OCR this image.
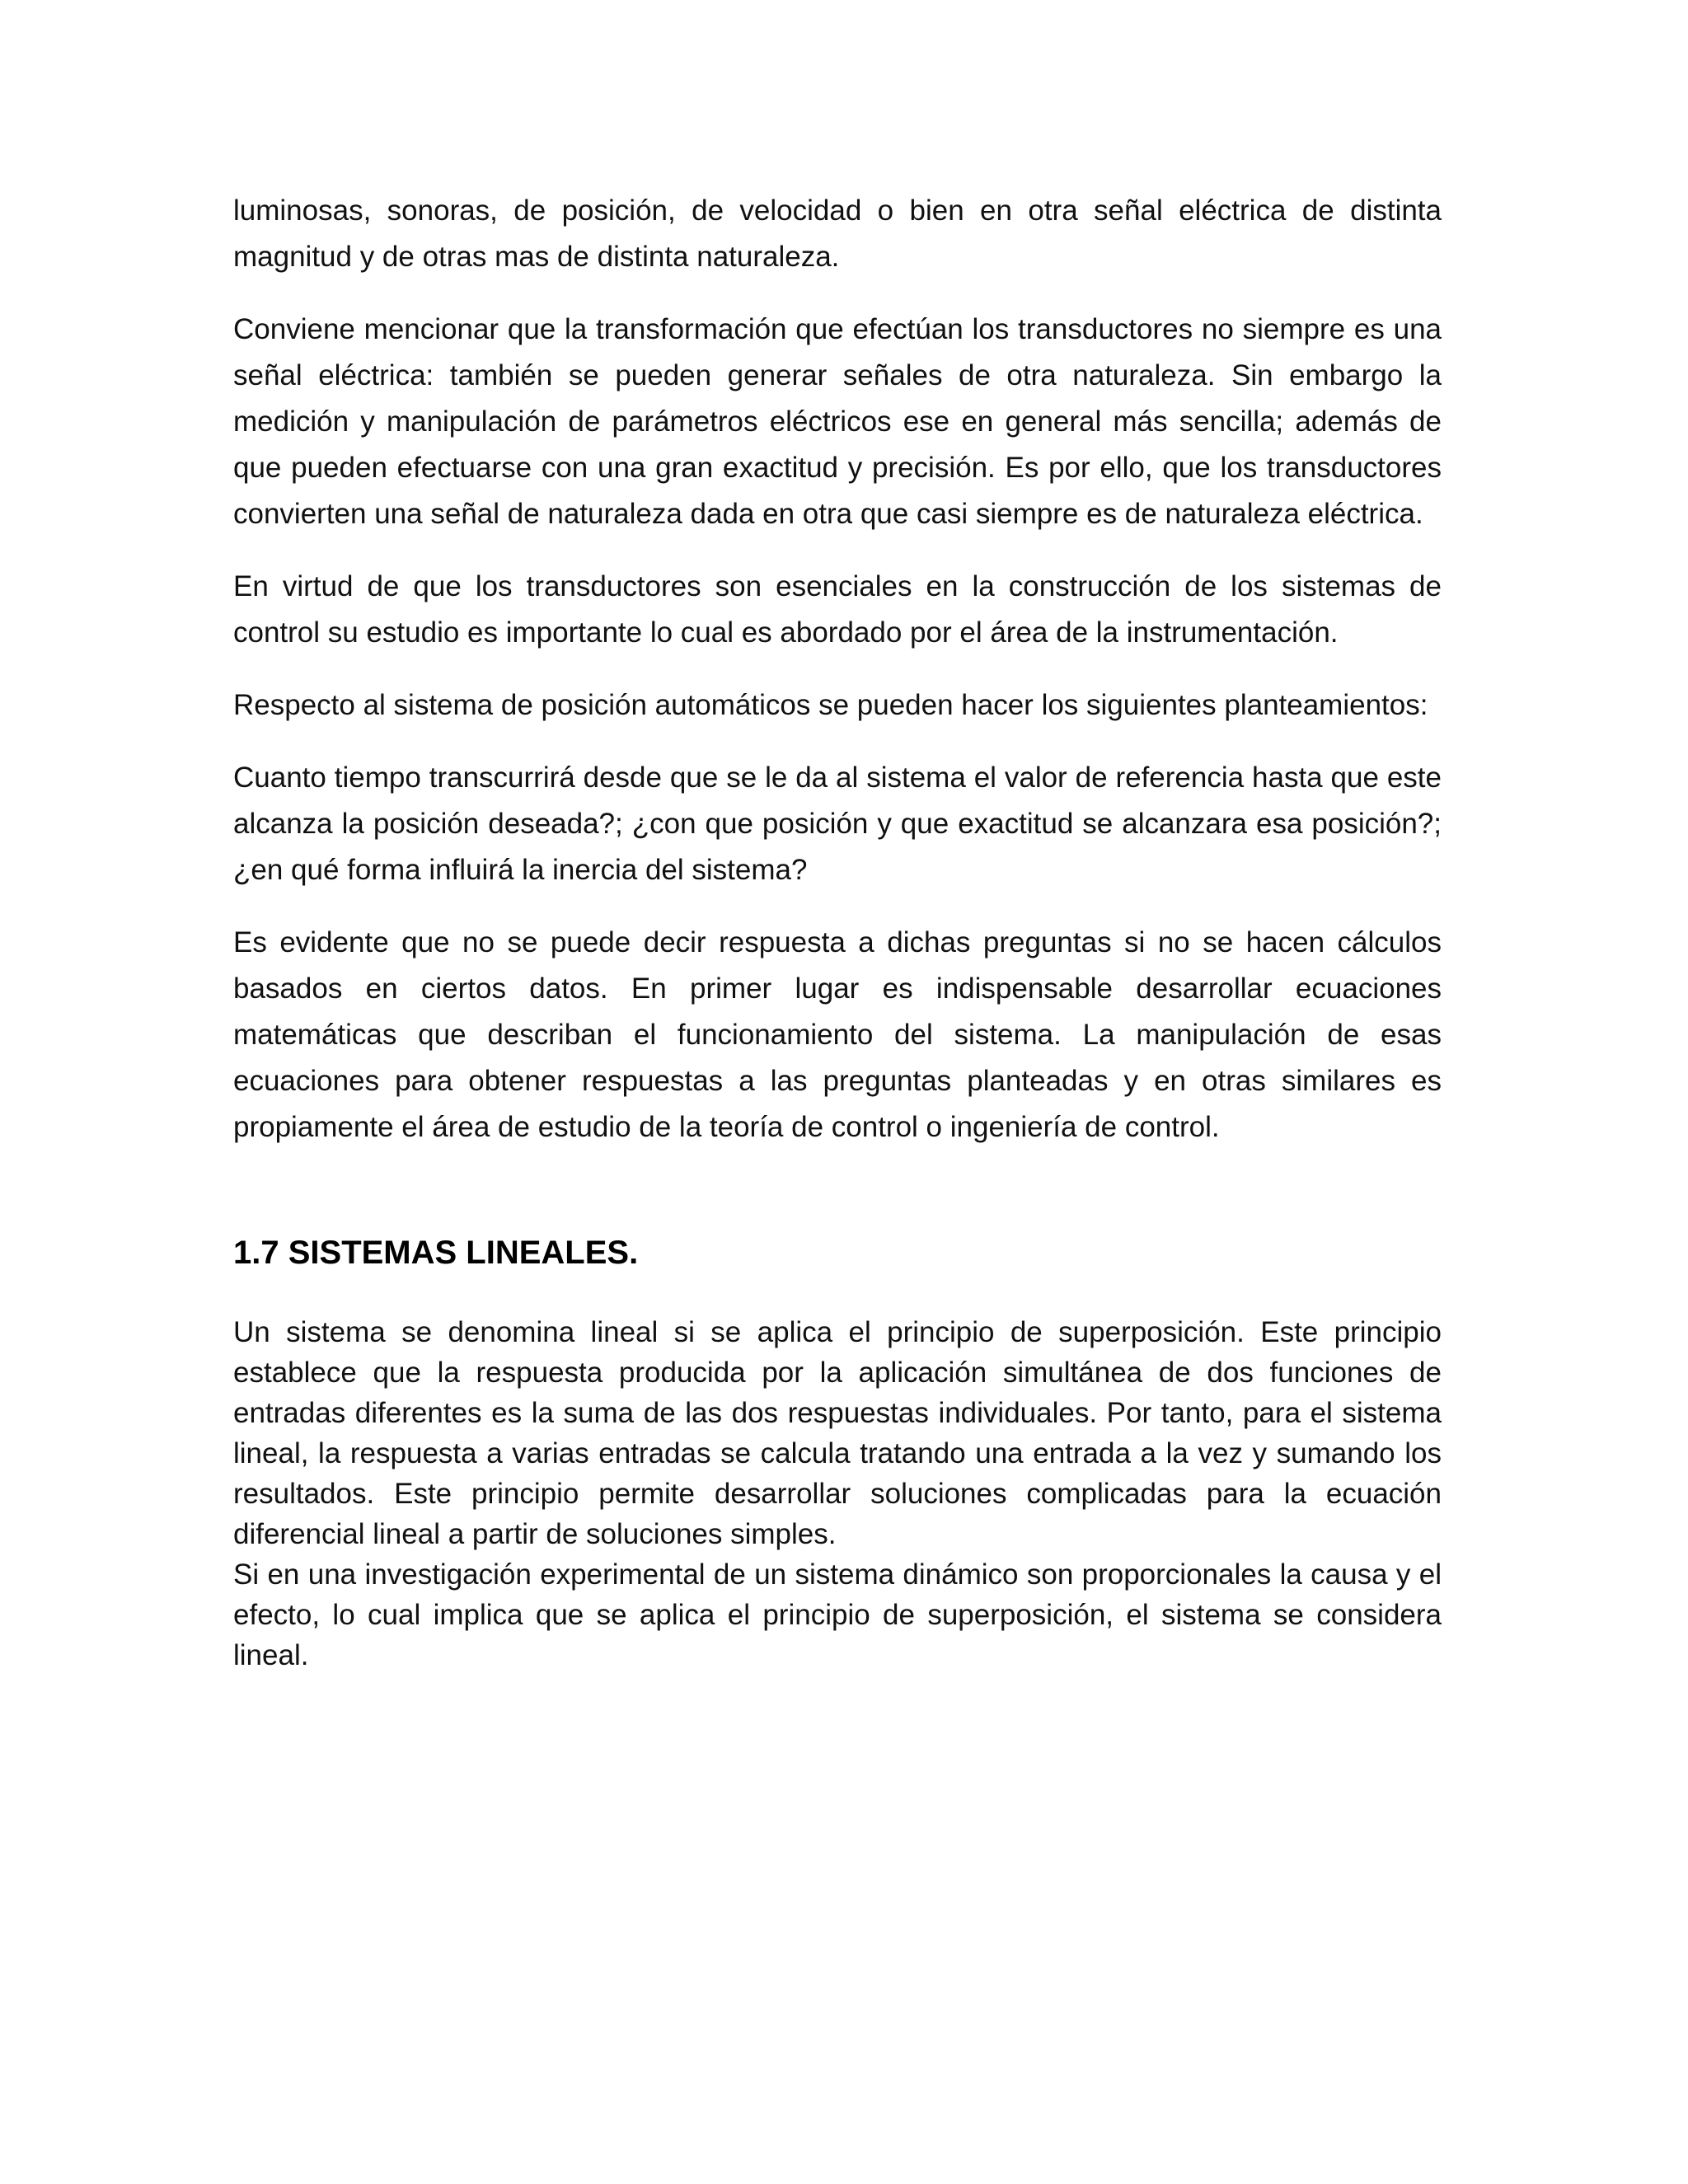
luminosas, sonoras, de posición, de velocidad o bien en otra señal eléctrica de distinta magnitud y de otras mas de distinta naturaleza.

Conviene mencionar que la transformación que efectúan los transductores no siempre es una señal eléctrica: también se pueden generar señales de otra naturaleza. Sin embargo la medición y manipulación de parámetros eléctricos ese en general más sencilla; además de que pueden efectuarse con una gran exactitud y precisión. Es por ello, que los transductores convierten una señal de naturaleza dada en otra que casi siempre es de naturaleza eléctrica.

En virtud de que los transductores son esenciales en la construcción de los sistemas de control su estudio es importante lo cual es abordado por el área de la instrumentación.

Respecto al sistema de posición automáticos se pueden hacer los siguientes planteamientos:

Cuanto tiempo transcurrirá desde que se le da al sistema el valor de referencia hasta que este alcanza la posición deseada?; ¿con que posición y que exactitud se alcanzara esa posición?; ¿en qué forma influirá la inercia del sistema?

Es evidente que no se puede decir respuesta a dichas preguntas si no se hacen cálculos basados en ciertos datos. En primer lugar es indispensable desarrollar ecuaciones matemáticas que describan el funcionamiento del sistema. La manipulación de esas ecuaciones para obtener respuestas a las preguntas planteadas y en otras similares es propiamente el área de estudio de la teoría de control o ingeniería de control.

1.7 SISTEMAS LINEALES.

Un sistema se denomina lineal si se aplica el principio de superposición. Este principio establece que la respuesta producida por la aplicación simultánea de dos funciones de entradas diferentes es la suma de las dos respuestas individuales. Por tanto, para el sistema lineal, la respuesta a varias entradas se calcula tratando una entrada a la vez y sumando los resultados. Este principio permite desarrollar soluciones complicadas para la ecuación diferencial lineal a partir de soluciones simples.

Si en una investigación experimental de un sistema dinámico son proporcionales la causa y el efecto, lo cual implica que se aplica el principio de superposición, el sistema se considera lineal.
